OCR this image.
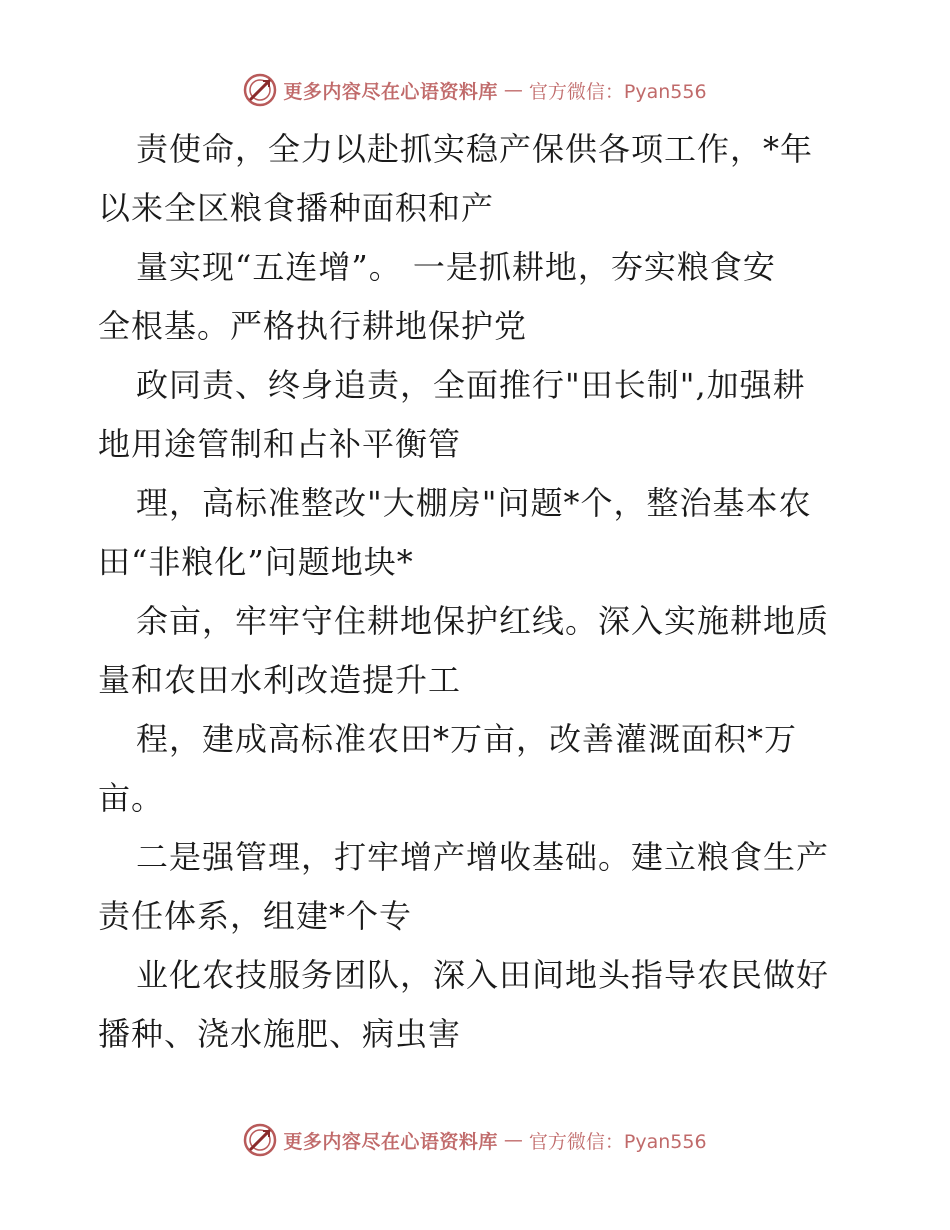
更多内容尽在心语资料库 — 官方微信：Pyan556
责使命，全力以赴抓实稳产保供各项工作，*年
以来全区粮食播种面积和产
量实现“五连增”。 一是抓耕地，夯实粮食安
全根基。严格执行耕地保护党
政同责、终身追责，全面推行"田长制",加强耕
地用途管制和占补平衡管
理，高标准整改"大棚房"问题*个，整治基本农
田“非粮化”问题地块*
余亩，牢牢守住耕地保护红线。深入实施耕地质
量和农田水利改造提升工
程，建成高标准农田*万亩，改善灌溉面积*万
亩。
二是强管理，打牢增产增收基础。建立粮食生产
责任体系，组建*个专
业化农技服务团队，深入田间地头指导农民做好
播种、浇水施肥、病虫害
更多内容尽在心语资料库 — 官方微信：Pyan556
